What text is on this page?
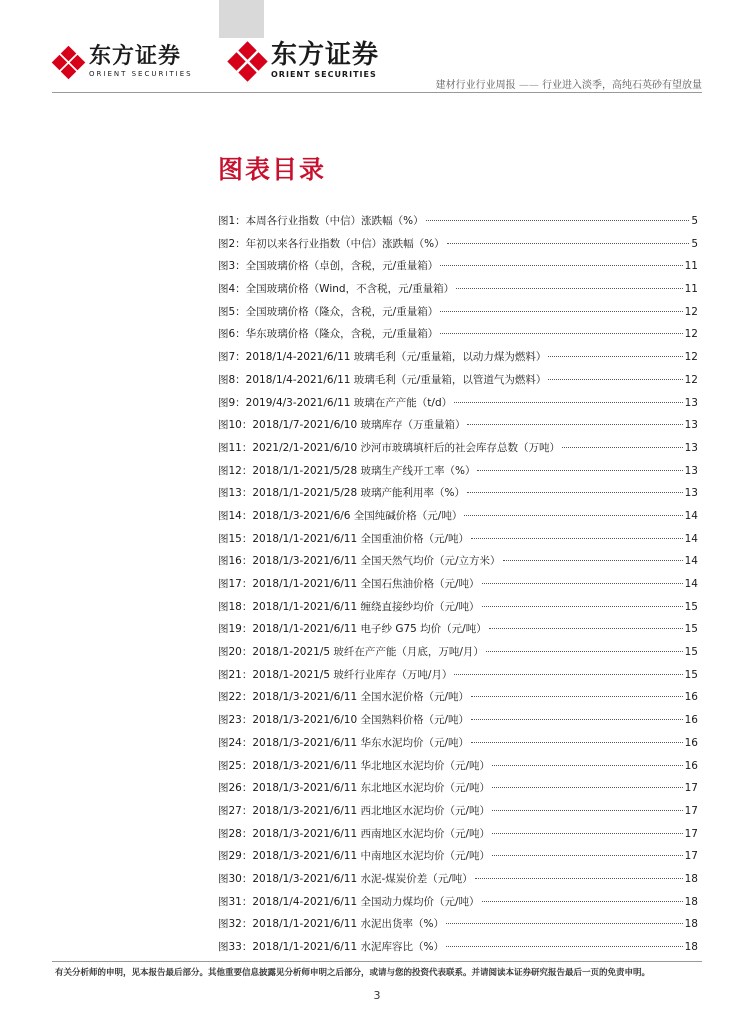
东方证券
ORIENT SECURITIES
东方证券
ORIENT SECURITIES
建材行业行业周报 —— 行业进入淡季，高纯石英砂有望放量
图表目录
图1：本周各行业指数（中信）涨跌幅（%）	5
图2：年初以来各行业指数（中信）涨跌幅（%）	5
图3：全国玻璃价格（卓创，含税，元/重量箱）	11
图4：全国玻璃价格（Wind，不含税，元/重量箱）	11
图5：全国玻璃价格（隆众，含税，元/重量箱）	12
图6：华东玻璃价格（隆众，含税，元/重量箱）	12
图7：2018/1/4-2021/6/11 玻璃毛利（元/重量箱，以动力煤为燃料）	12
图8：2018/1/4-2021/6/11 玻璃毛利（元/重量箱，以管道气为燃料）	12
图9：2019/4/3-2021/6/11 玻璃在产产能（t/d）	13
图10：2018/1/7-2021/6/10 玻璃库存（万重量箱）	13
图11：2021/2/1-2021/6/10 沙河市玻璃填杆后的社会库存总数（万吨）	13
图12：2018/1/1-2021/5/28 玻璃生产线开工率（%）	13
图13：2018/1/1-2021/5/28 玻璃产能利用率（%）	13
图14：2018/1/3-2021/6/6 全国纯碱价格（元/吨）	14
图15：2018/1/1-2021/6/11 全国重油价格（元/吨）	14
图16：2018/1/3-2021/6/11 全国天然气均价（元/立方米）	14
图17：2018/1/1-2021/6/11 全国石焦油价格（元/吨）	14
图18：2018/1/1-2021/6/11 缠绕直接纱均价（元/吨）	15
图19：2018/1/1-2021/6/11 电子纱 G75 均价（元/吨）	15
图20：2018/1-2021/5 玻纤在产产能（月底，万吨/月）	15
图21：2018/1-2021/5 玻纤行业库存（万吨/月）	15
图22：2018/1/3-2021/6/11 全国水泥价格（元/吨）	16
图23：2018/1/3-2021/6/10 全国熟料价格（元/吨）	16
图24：2018/1/3-2021/6/11 华东水泥均价（元/吨）	16
图25：2018/1/3-2021/6/11 华北地区水泥均价（元/吨）	16
图26：2018/1/3-2021/6/11 东北地区水泥均价（元/吨）	17
图27：2018/1/3-2021/6/11 西北地区水泥均价（元/吨）	17
图28：2018/1/3-2021/6/11 西南地区水泥均价（元/吨）	17
图29：2018/1/3-2021/6/11 中南地区水泥均价（元/吨）	17
图30：2018/1/3-2021/6/11 水泥-煤炭价差（元/吨）	18
图31：2018/1/4-2021/6/11 全国动力煤均价（元/吨）	18
图32：2018/1/1-2021/6/11 水泥出货率（%）	18
图33：2018/1/1-2021/6/11 水泥库容比（%）	18
有关分析师的申明，见本报告最后部分。其他重要信息披露见分析师申明之后部分，或请与您的投资代表联系。并请阅读本证券研究报告最后一页的免责申明。
3
